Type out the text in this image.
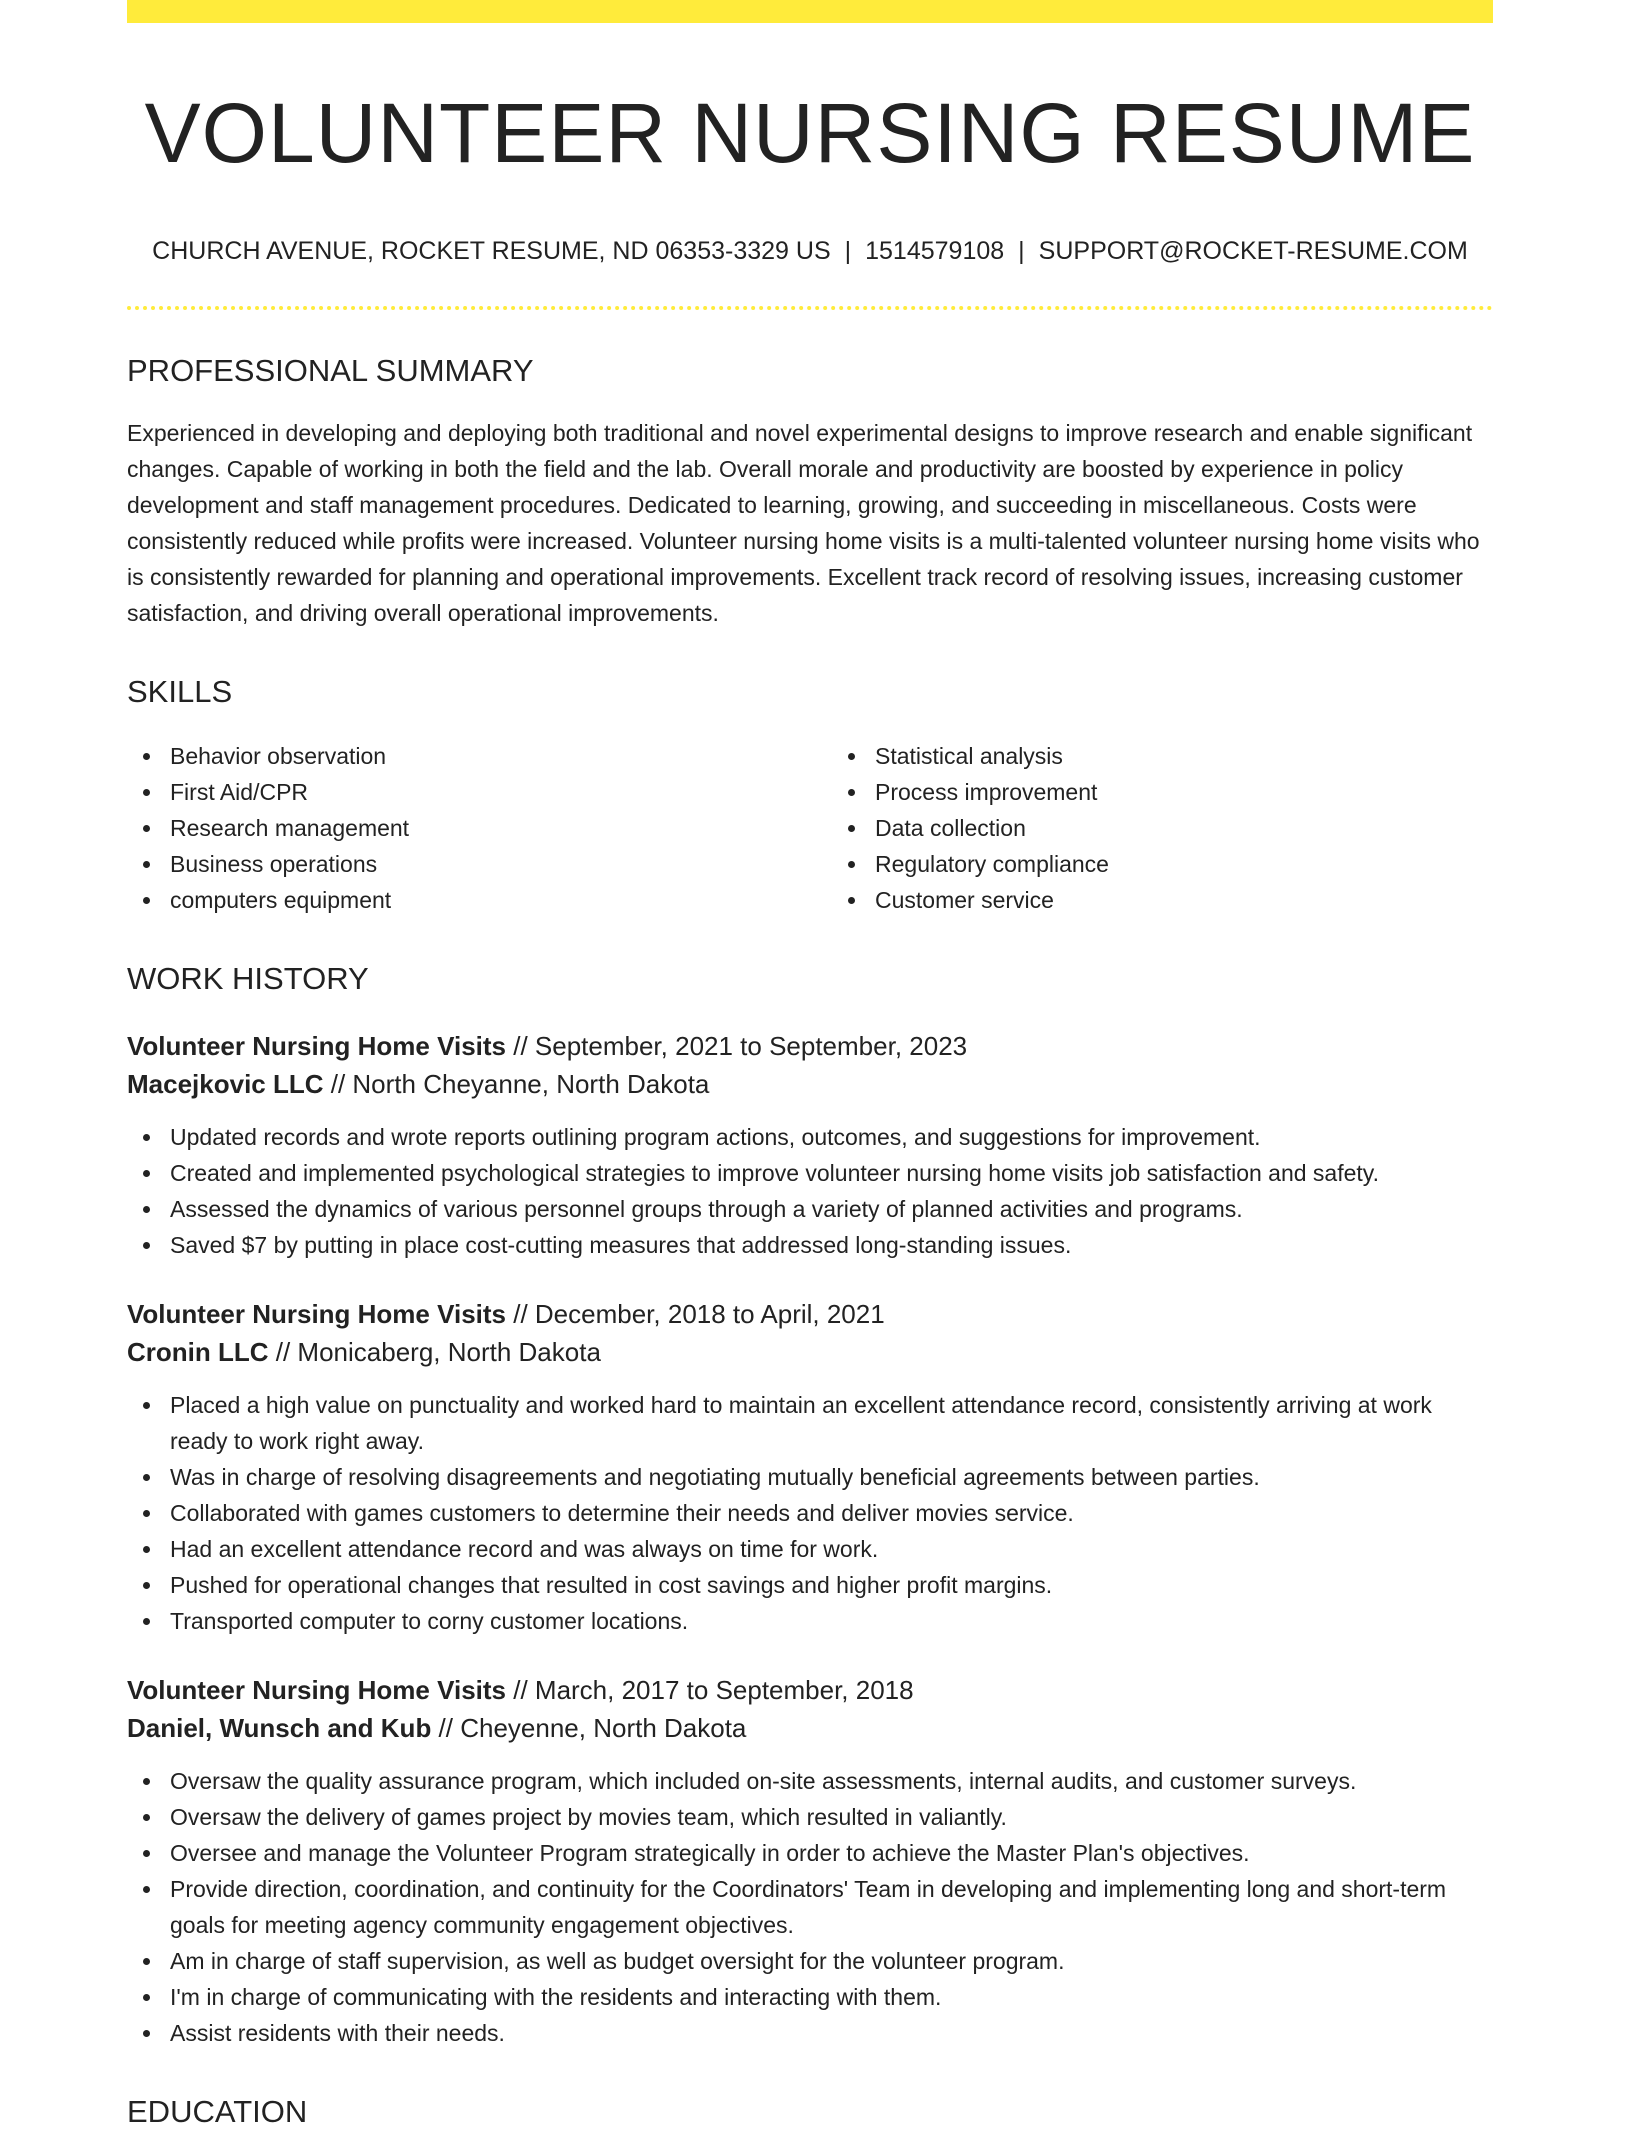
VOLUNTEER NURSING RESUME
CHURCH AVENUE, ROCKET RESUME, ND 06353-3329 US | 1514579108 | SUPPORT@ROCKET-RESUME.COM
PROFESSIONAL SUMMARY

Experienced in developing and deploying both traditional and novel experimental designs to improve research and enable significant changes. Capable of working in both the field and the lab. Overall morale and productivity are boosted by experience in policy development and staff management procedures. Dedicated to learning, growing, and succeeding in miscellaneous. Costs were consistently reduced while profits were increased. Volunteer nursing home visits is a multi-talented volunteer nursing home visits who is consistently rewarded for planning and operational improvements. Excellent track record of resolving issues, increasing customer satisfaction, and driving overall operational improvements.

SKILLS
Behavior observation
First Aid/CPR
Research management
Business operations
computers equipment
Statistical analysis
Process improvement
Data collection
Regulatory compliance
Customer service
WORK HISTORY
Volunteer Nursing Home Visits // September, 2021 to September, 2023
Macejkovic LLC // North Cheyanne, North Dakota
Updated records and wrote reports outlining program actions, outcomes, and suggestions for improvement.
Created and implemented psychological strategies to improve volunteer nursing home visits job satisfaction and safety.
Assessed the dynamics of various personnel groups through a variety of planned activities and programs.
Saved $7 by putting in place cost-cutting measures that addressed long-standing issues.
Volunteer Nursing Home Visits // December, 2018 to April, 2021
Cronin LLC // Monicaberg, North Dakota
Placed a high value on punctuality and worked hard to maintain an excellent attendance record, consistently arriving at work ready to work right away.
Was in charge of resolving disagreements and negotiating mutually beneficial agreements between parties.
Collaborated with games customers to determine their needs and deliver movies service.
Had an excellent attendance record and was always on time for work.
Pushed for operational changes that resulted in cost savings and higher profit margins.
Transported computer to corny customer locations.
Volunteer Nursing Home Visits // March, 2017 to September, 2018
Daniel, Wunsch and Kub // Cheyenne, North Dakota
Oversaw the quality assurance program, which included on-site assessments, internal audits, and customer surveys.
Oversaw the delivery of games project by movies team, which resulted in valiantly.
Oversee and manage the Volunteer Program strategically in order to achieve the Master Plan's objectives.
Provide direction, coordination, and continuity for the Coordinators' Team in developing and implementing long and short-term goals for meeting agency community engagement objectives.
Am in charge of staff supervision, as well as budget oversight for the volunteer program.
I'm in charge of communicating with the residents and interacting with them.
Assist residents with their needs.
EDUCATION
